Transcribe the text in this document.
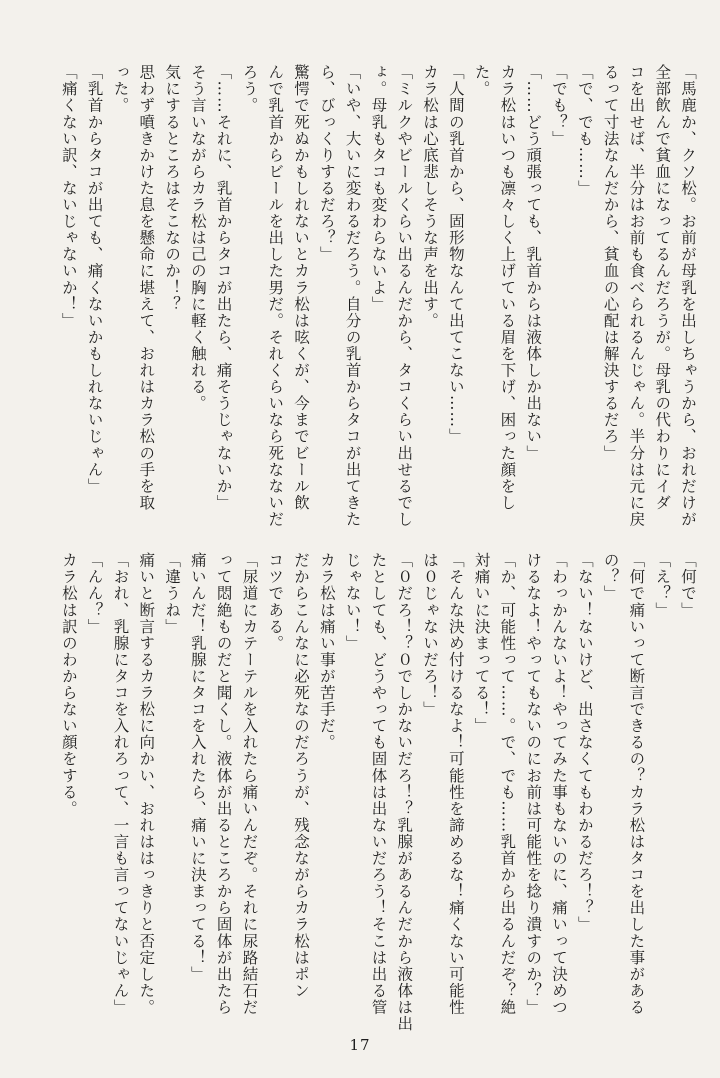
「馬鹿か、クソ松。お前が母乳を出しちゃうから、おれだけが
全部飲んで貧血になってるんだろうが。母乳の代わりにイダ
コを出せば、半分はお前も食べられるんじゃん。半分は元に戻
るって寸法なんだから、貧血の心配は解決するだろ」
「で、でも……」
「でも？」
「……どう頑張っても、乳首からは液体しか出ない」
カラ松はいつも凛々しく上げている眉を下げ、困った顔をし
た。
「人間の乳首から、固形物なんて出てこない……」
カラ松は心底悲しそうな声を出す。
「ミルクやビールくらい出るんだから、タコくらい出せるでし
ょ。母乳もタコも変わらないよ」
「いや、大いに変わるだろう。自分の乳首からタコが出てきた
ら、びっくりするだろ？」
驚愕で死ぬかもしれないとカラ松は呟くが、今までビール飲
んで乳首からビールを出した男だ。それくらいなら死なないだ
ろう。
「……それに、乳首からタコが出たら、痛そうじゃないか」
そう言いながらカラ松は己の胸に軽く触れる。
気にするところはそこなのか！？
思わず噴きかけた息を懸命に堪えて、おれはカラ松の手を取
った。
「乳首からタコが出ても、痛くないかもしれないじゃん」
「痛くない訳、ないじゃないか！」
「何で」
「え？」
「何で痛いって断言できるの？カラ松はタコを出した事がある
の？」
「ない！ないけど、出さなくてもわかるだろ！？」
「わっかんないよ！やってみた事もないのに、痛いって決めつ
けるなよ！やってもないのにお前は可能性を捻り潰すのか？」
「か、可能性って……。で、でも……乳首から出るんだぞ？絶
対痛いに決まってる！」
「そんな決め付けるなよ！可能性を諦めるな！痛くない可能性
は０じゃないだろ！」
「０だろ！？０でしかないだろ！？乳腺があるんだから液体は出
たとしても、どうやっても固体は出ないだろう！そこは出る管
じゃない！」
カラ松は痛い事が苦手だ。
だからこんなに必死なのだろうが、残念ながらカラ松はポン
コツである。
「尿道にカテーテルを入れたら痛いんだぞ。それに尿路結石だ
って悶絶ものだと聞くし。液体が出るところから固体が出たら
痛いんだ！乳腺にタコを入れたら、痛いに決まってる！」
「違うね」
痛いと断言するカラ松に向かい、おれははっきりと否定した。
「おれ、乳腺にタコを入れろって、一言も言ってないじゃん」
「んん？」
カラ松は訳のわからない顔をする。
17
